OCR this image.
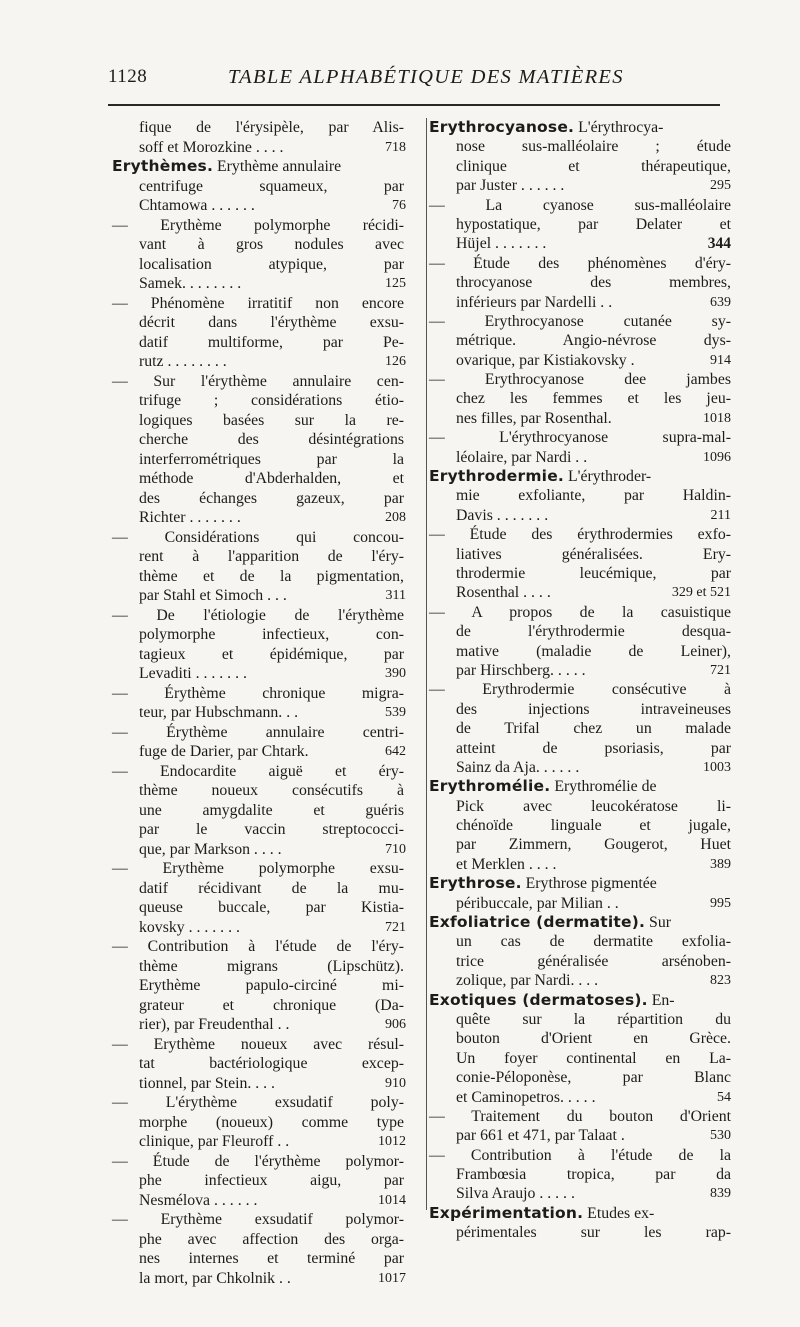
1128	TABLE ALPHABÉTIQUE DES MATIÈRES
fique de l'érysipèle, par Alis-
soff et Morozkine . . . .	718
Erythèmes. Erythème annulaire
centrifuge squameux, par
Chtamowa . . . . . .	76
— Erythème polymorphe récidi-
vant à gros nodules avec
localisation atypique, par
Samek. . . . . . . .	125
— Phénomène irratitif non encore
décrit dans l'érythème exsu-
datif multiforme, par Pe-
rutz . . . . . . . .	126
— Sur l'érythème annulaire cen-
trifuge ; considérations étio-
logiques basées sur la re-
cherche des désintégrations
interferrométriques par la
méthode d'Abderhalden, et
des échanges gazeux, par
Richter . . . . . . .	208
— Considérations qui concou-
rent à l'apparition de l'éry-
thème et de la pigmentation,
par Stahl et Simoch . . .	311
— De l'étiologie de l'érythème
polymorphe infectieux, con-
tagieux et épidémique, par
Levaditi . . . . . . .	390
— Érythème chronique migra-
teur, par Hubschmann. . .	539
— Érythème annulaire centri-
fuge de Darier, par Chtark.	642
— Endocardite aiguë et éry-
thème noueux consécutifs à
une amygdalite et guéris
par le vaccin streptococci-
que, par Markson . . . .	710
— Erythème polymorphe exsu-
datif récidivant de la mu-
queuse buccale, par Kistia-
kovsky . . . . . . .	721
— Contribution à l'étude de l'éry-
thème migrans (Lipschütz).
Erythème papulo-circiné mi-
grateur et chronique (Da-
rier), par Freudenthal . .	906
— Erythème noueux avec résul-
tat bactériologique excep-
tionnel, par Stein. . . .	910
— L'érythème exsudatif poly-
morphe (noueux) comme type
clinique, par Fleuroff . .	1012
— Étude de l'érythème polymor-
phe infectieux aigu, par
Nesmélova . . . . . .	1014
— Erythème exsudatif polymor-
phe avec affection des orga-
nes internes et terminé par
la mort, par Chkolnik . .	1017
Erythrocyanose. L'érythrocya-
nose sus-malléolaire ; étude
clinique et thérapeutique,
par Juster . . . . . .	295
— La cyanose sus-malléolaire
hypostatique, par Delater et
Hüjel . . . . . . .	344
— Étude des phénomènes d'éry-
throcyanose des membres,
inférieurs par Nardelli . .	639
— Erythrocyanose cutanée sy-
métrique. Angio-névrose dys-
ovarique, par Kistiakovsky .	914
— Erythrocyanose dee jambes
chez les femmes et les jeu-
nes filles, par Rosenthal.	1018
— L'érythrocyanose supra-mal-
léolaire, par Nardi . .	1096
Erythrodermie. L'érythroder-
mie exfoliante, par Haldin-
Davis . . . . . . .	211
— Étude des érythrodermies exfo-
liatives généralisées. Ery-
throdermie leucémique, par
Rosenthal . . . .	329 et 521
— A propos de la casuistique
de l'érythrodermie desqua-
mative (maladie de Leiner),
par Hirschberg. . . . .	721
— Erythrodermie consécutive à
des injections intraveineuses
de Trifal chez un malade
atteint de psoriasis, par
Sainz da Aja. . . . . .	1003
Erythromélie. Erythromélie de
Pick avec leucokératose li-
chénoïde linguale et jugale,
par Zimmern, Gougerot, Huet
et Merklen . . . .	389
Erythrose. Erythrose pigmentée
péribuccale, par Milian . .	995
Exfoliatrice (dermatite). Sur
un cas de dermatite exfolia-
trice généralisée arsénoben-
zolique, par Nardi. . . .	823
Exotiques (dermatoses). En-
quête sur la répartition du
bouton d'Orient en Grèce.
Un foyer continental en La-
conie-Péloponèse, par Blanc
et Caminopetros. . . . .	54
— Traitement du bouton d'Orient
par 661 et 471, par Talaat .	530
— Contribution à l'étude de la
Frambœsia tropica, par da
Silva Araujo . . . . .	839
Expérimentation. Etudes ex-
périmentales sur les rap-
